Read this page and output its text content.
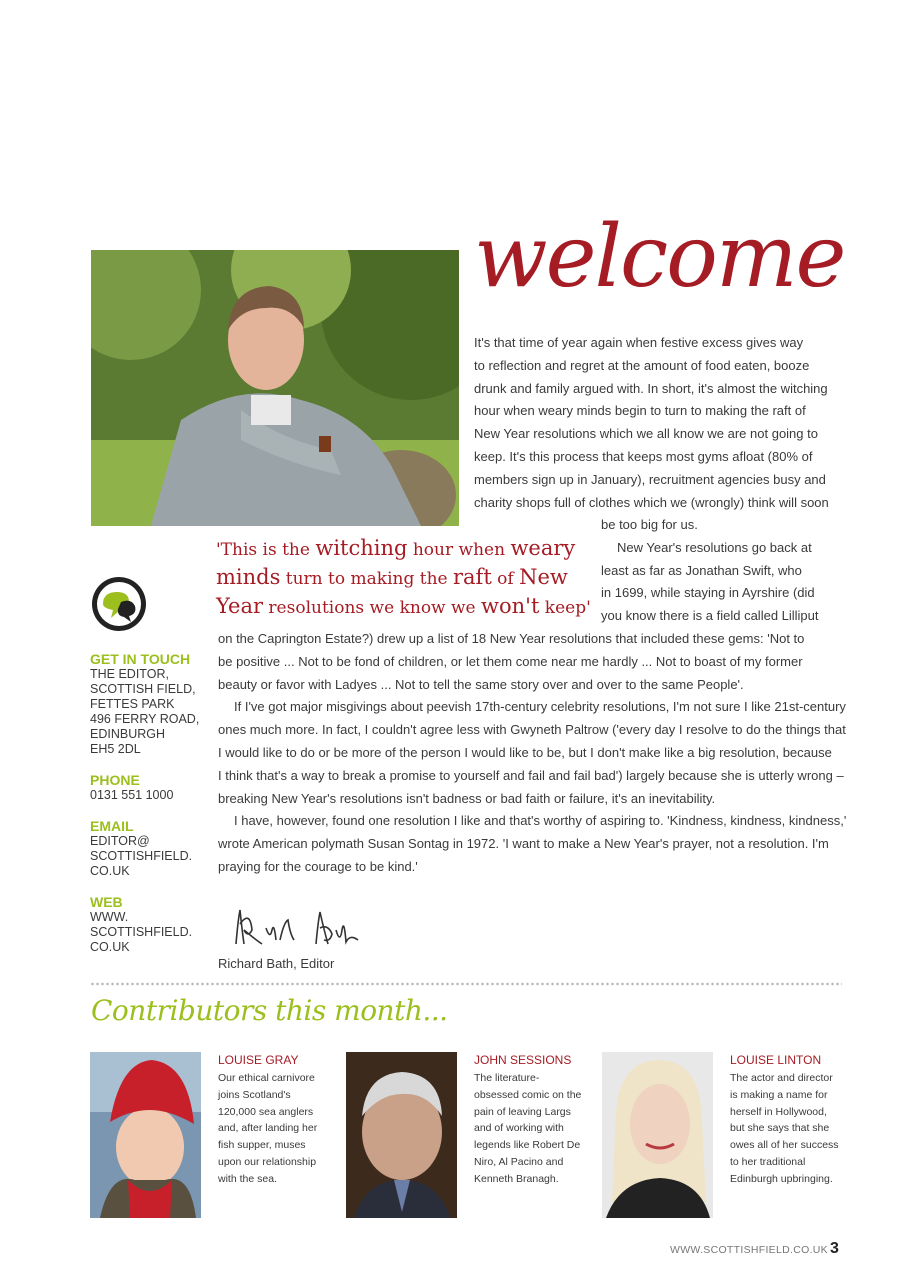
welcome

It's that time of year again when festive excess gives way

to reflection and regret at the amount of food eaten, booze

drunk and family argued with. In short, it's almost the witching

hour when weary minds begin to turn to making the raft of

New Year resolutions which we all know we are not going to

keep. It's this process that keeps most gyms afloat (80% of

members sign up in January), recruitment agencies busy and

charity shops full of clothes which we (wrongly) think will soon

be too big for us.

New Year's resolutions go back at

least as far as Jonathan Swift, who

in 1699, while staying in Ayrshire (did

you know there is a field called Lilliput

'This is the witching hour when weary
minds turn to making the raft of New
Year resolutions we know we won't keep'

on the Caprington Estate?) drew up a list of 18 New Year resolutions that included these gems: 'Not to

be positive ... Not to be fond of children, or let them come near me hardly ... Not to boast of my former

beauty or favor with Ladyes ... Not to tell the same story over and over to the same People'.

If I've got major misgivings about peevish 17th-century celebrity resolutions, I'm not sure I like 21st-century

ones much more. In fact, I couldn't agree less with Gwyneth Paltrow ('every day I resolve to do the things that

I would like to do or be more of the person I would like to be, but I don't make like a big resolution, because

I think that's a way to break a promise to yourself and fail and fail bad') largely because she is utterly wrong –

breaking New Year's resolutions isn't badness or bad faith or failure, it's an inevitability.

I have, however, found one resolution I like and that's worthy of aspiring to. 'Kindness, kindness, kindness,'

wrote American polymath Susan Sontag in 1972. 'I want to make a New Year's prayer, not a resolution. I'm

praying for the courage to be kind.'

GET IN TOUCH
THE EDITOR,
SCOTTISH FIELD,
FETTES PARK
496 FERRY ROAD,
EDINBURGH
EH5 2DL
PHONE
0131 551 1000
EMAIL
EDITOR@
SCOTTISHFIELD.
CO.UK
WEB
WWW.
SCOTTISHFIELD.
CO.UK
Richard Bath, Editor
Contributors this month...
LOUISE GRAY

Our ethical carnivore

joins Scotland's

120,000 sea anglers

and, after landing her

fish supper, muses

upon our relationship

with the sea.

JOHN SESSIONS

The literature-

obsessed comic on the

pain of leaving Largs

and of working with

legends like Robert De

Niro, Al Pacino and

Kenneth Branagh.

LOUISE LINTON

The actor and director

is making a name for

herself in Hollywood,

but she says that she

owes all of her success

to her traditional

Edinburgh upbringing.

WWW.SCOTTISHFIELD.CO.UK 3
